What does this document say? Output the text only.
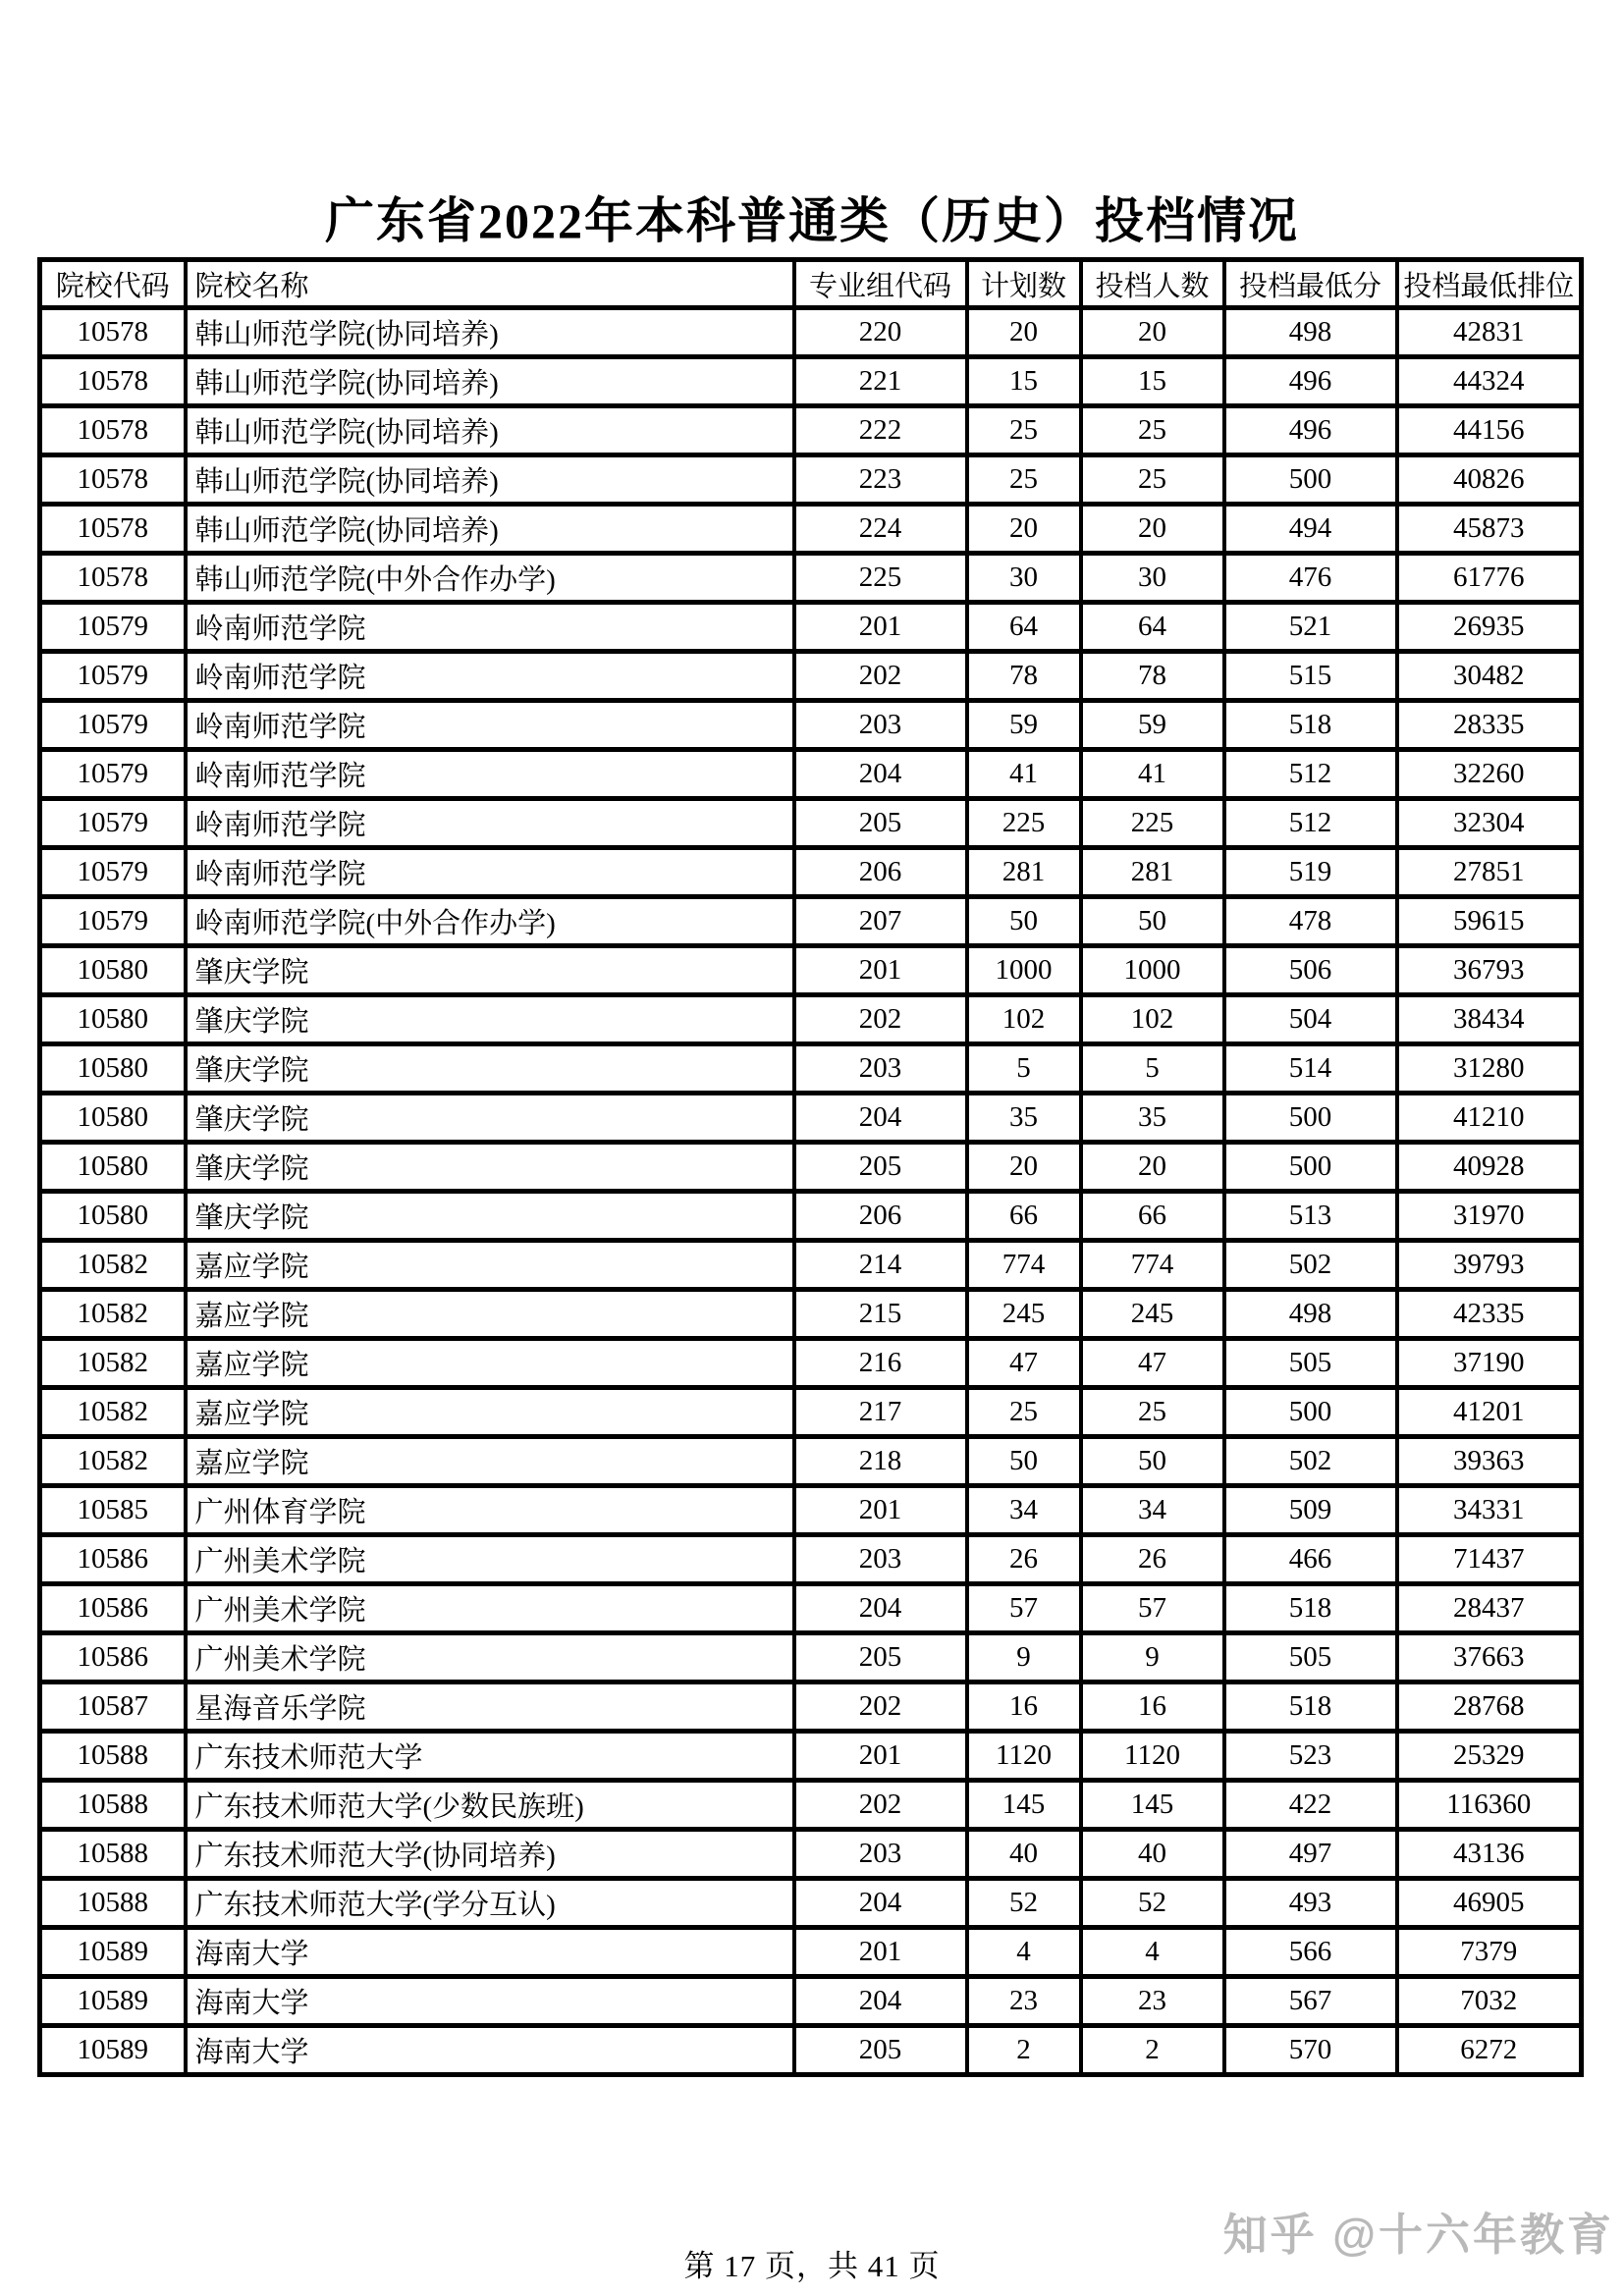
广东省2022年本科普通类（历史）投档情况
院校代码	院校名称	专业组代码	计划数	投档人数	投档最低分	投档最低排位
10578	韩山师范学院(协同培养)	220	20	20	498	42831
10578	韩山师范学院(协同培养)	221	15	15	496	44324
10578	韩山师范学院(协同培养)	222	25	25	496	44156
10578	韩山师范学院(协同培养)	223	25	25	500	40826
10578	韩山师范学院(协同培养)	224	20	20	494	45873
10578	韩山师范学院(中外合作办学)	225	30	30	476	61776
10579	岭南师范学院	201	64	64	521	26935
10579	岭南师范学院	202	78	78	515	30482
10579	岭南师范学院	203	59	59	518	28335
10579	岭南师范学院	204	41	41	512	32260
10579	岭南师范学院	205	225	225	512	32304
10579	岭南师范学院	206	281	281	519	27851
10579	岭南师范学院(中外合作办学)	207	50	50	478	59615
10580	肇庆学院	201	1000	1000	506	36793
10580	肇庆学院	202	102	102	504	38434
10580	肇庆学院	203	5	5	514	31280
10580	肇庆学院	204	35	35	500	41210
10580	肇庆学院	205	20	20	500	40928
10580	肇庆学院	206	66	66	513	31970
10582	嘉应学院	214	774	774	502	39793
10582	嘉应学院	215	245	245	498	42335
10582	嘉应学院	216	47	47	505	37190
10582	嘉应学院	217	25	25	500	41201
10582	嘉应学院	218	50	50	502	39363
10585	广州体育学院	201	34	34	509	34331
10586	广州美术学院	203	26	26	466	71437
10586	广州美术学院	204	57	57	518	28437
10586	广州美术学院	205	9	9	505	37663
10587	星海音乐学院	202	16	16	518	28768
10588	广东技术师范大学	201	1120	1120	523	25329
10588	广东技术师范大学(少数民族班)	202	145	145	422	116360
10588	广东技术师范大学(协同培养)	203	40	40	497	43136
10588	广东技术师范大学(学分互认)	204	52	52	493	46905
10589	海南大学	201	4	4	566	7379
10589	海南大学	204	23	23	567	7032
10589	海南大学	205	2	2	570	6272
知乎 @十六年教育
第 17 页，共 41 页
